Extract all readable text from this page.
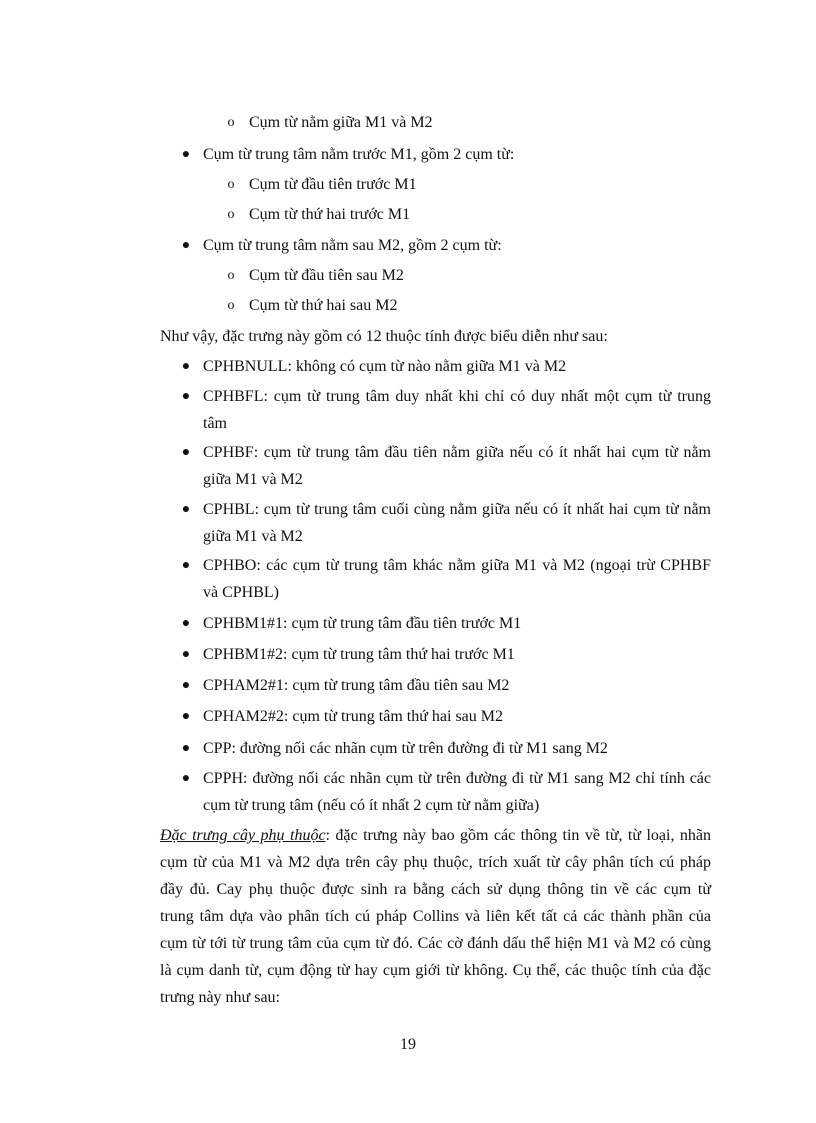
o Cụm từ nằm giữa M1 và M2
● Cụm từ trung tâm nằm trước M1, gồm 2 cụm từ:
o Cụm từ đầu tiên trước M1
o Cụm từ thứ hai trước M1
● Cụm từ trung tâm nằm sau M2, gồm 2 cụm từ:
o Cụm từ đầu tiên sau M2
o Cụm từ thứ hai sau M2
Như vậy, đặc trưng này gồm có 12 thuộc tính được biểu diễn như sau:
● CPHBNULL: không có cụm từ nào nằm giữa M1 và M2
● CPHBFL: cụm từ trung tâm duy nhất khi chỉ có duy nhất một cụm từ trung
tâm
● CPHBF: cụm từ trung tâm đầu tiên nằm giữa nếu có ít nhất hai cụm từ nằm
giữa M1 và M2
● CPHBL: cụm từ trung tâm cuối cùng nằm giữa nếu có ít nhất hai cụm từ nằm
giữa M1 và M2
● CPHBO: các cụm từ trung tâm khác nằm giữa M1 và M2 (ngoại trừ CPHBF
và CPHBL)
● CPHBM1#1: cụm từ trung tâm đầu tiên trước M1
● CPHBM1#2: cụm từ trung tâm thứ hai trước M1
● CPHAM2#1: cụm từ trung tâm đầu tiên sau M2
● CPHAM2#2: cụm từ trung tâm thứ hai sau M2
● CPP: đường nối các nhãn cụm từ trên đường đi từ M1 sang M2
● CPPH: đường nối các nhãn cụm từ trên đường đi từ M1 sang M2 chỉ tính các
cụm từ trung tâm (nếu có ít nhất 2 cụm từ nằm giữa)
Đặc trưng cây phụ thuộc: đặc trưng này bao gồm các thông tin về từ, từ loại, nhãn
cụm từ của M1 và M2 dựa trên cây phụ thuộc, trích xuất từ cây phân tích cú pháp
đầy đủ. Cay phụ thuộc được sinh ra bằng cách sử dụng thông tin về các cụm từ
trung tâm dựa vào phân tích cú pháp Collins và liên kết tất cả các thành phần của
cụm từ tới từ trung tâm của cụm từ đó. Các cờ đánh dấu thể hiện M1 và M2 có cùng
là cụm danh từ, cụm động từ hay cụm giới từ không. Cụ thể, các thuộc tính của đặc
trưng này như sau:
19
